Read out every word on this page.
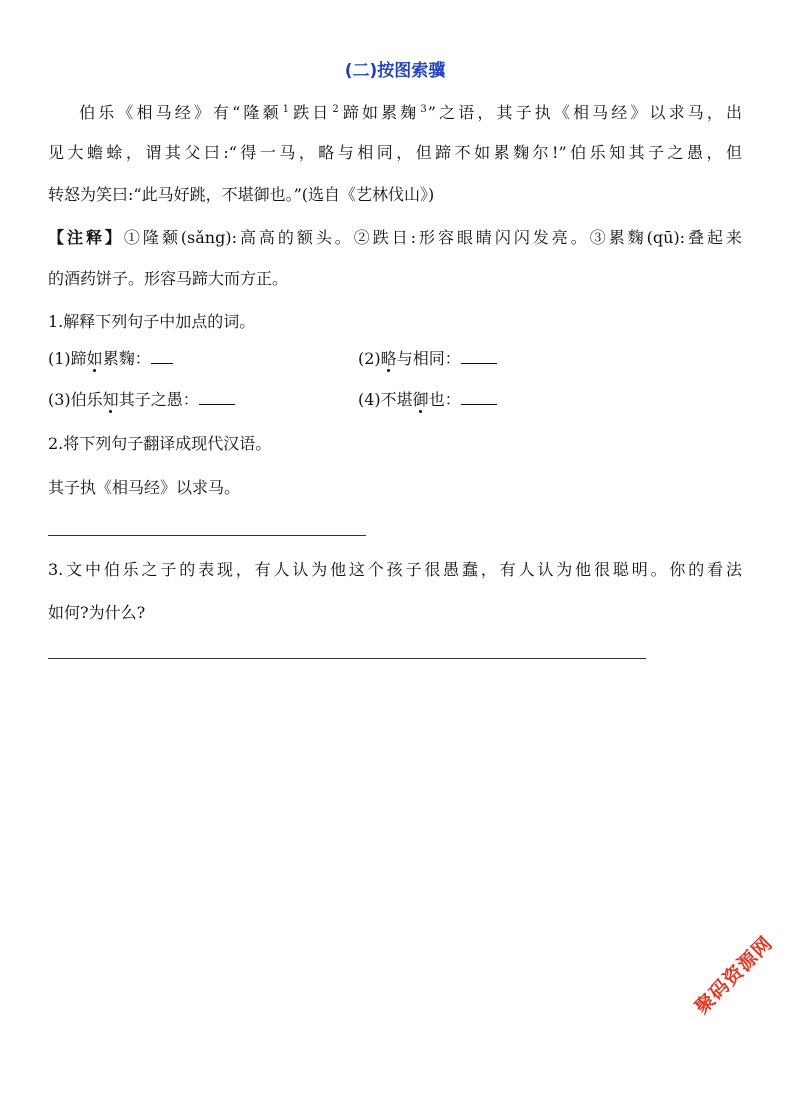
(二)按图索骥
伯乐《相马经》有“隆颡$^1$跌日$^2$蹄如累麹$^3$”之语，其子执《相马经》以求马，出
见大蟾蜍，谓其父曰:“得一马，略与相同，但蹄不如累麴尔!”伯乐知其子之愚，但
转怒为笑曰:“此马好跳，不堪御也。”(选自《艺林伐山》)
【注释】①隆颡(sǎng):高高的额头。②跌日:形容眼睛闪闪发亮。③累麴(qū):叠起来
的酒药饼子。形容马蹄大而方正。
1.解释下列句子中加点的词。
(1)蹄如累麴：	(2)略与相同：
(3)伯乐知其子之愚：	(4)不堪御也：
2.将下列句子翻译成现代汉语。
其子执《相马经》以求马。
3.文中伯乐之子的表现，有人认为他这个孩子很愚蠢，有人认为他很聪明。你的看法
如何?为什么?
聚码资源网
